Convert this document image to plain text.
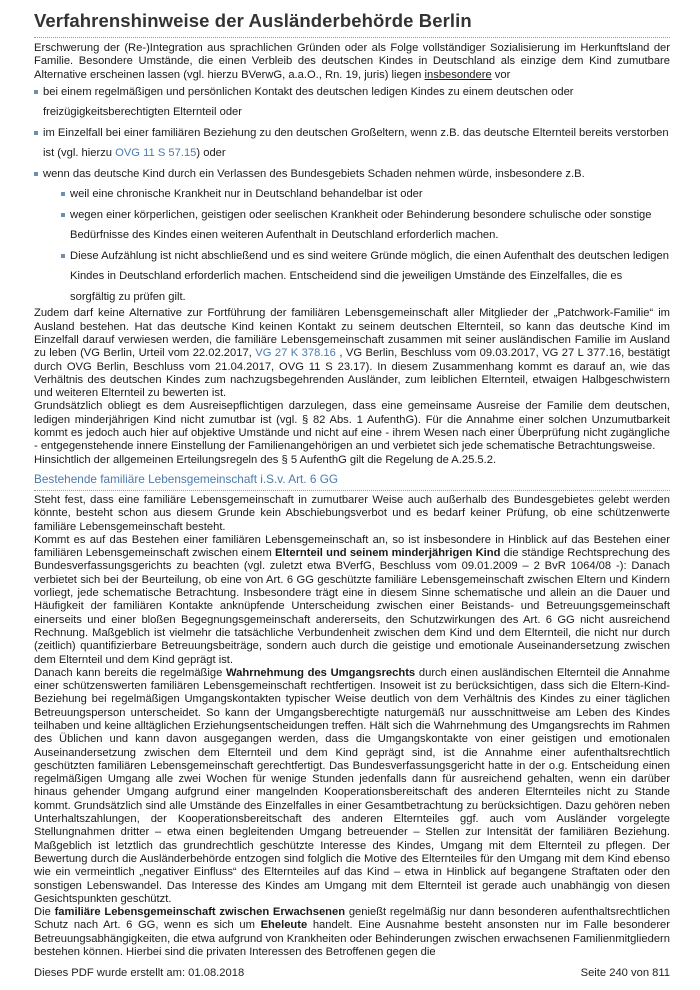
Verfahrenshinweise der Ausländerbehörde Berlin

Erschwerung der (Re-)Integration aus sprachlichen Gründen oder als Folge vollständiger Sozialisierung im Herkunftsland der Familie. Besondere Umstände, die einen Verbleib des deutschen Kindes in Deutschland als einzige dem Kind zumutbare Alternative erscheinen lassen (vgl. hierzu BVerwG, a.a.O., Rn. 19, juris) liegen insbesondere vor

bei einem regelmäßigen und persönlichen Kontakt des deutschen ledigen Kindes zu einem deutschen oder freizügigkeitsberechtigten Elternteil oder
im Einzelfall bei einer familiären Beziehung zu den deutschen Großeltern, wenn z.B. das deutsche Elternteil bereits verstorben ist (vgl. hierzu OVG 11 S 57.15) oder
wenn das deutsche Kind durch ein Verlassen des Bundesgebiets Schaden nehmen würde, insbesondere z.B.
weil eine chronische Krankheit nur in Deutschland behandelbar ist oder
wegen einer körperlichen, geistigen oder seelischen Krankheit oder Behinderung besondere schulische oder sonstige Bedürfnisse des Kindes einen weiteren Aufenthalt in Deutschland erforderlich machen.
Diese Aufzählung ist nicht abschließend und es sind weitere Gründe möglich, die einen Aufenthalt des deutschen ledigen Kindes in Deutschland erforderlich machen. Entscheidend sind die jeweiligen Umstände des Einzelfalles, die es sorgfältig zu prüfen gilt.

Zudem darf keine Alternative zur Fortführung der familiären Lebensgemeinschaft aller Mitglieder der „Patchwork-Familie“ im Ausland bestehen. Hat das deutsche Kind keinen Kontakt zu seinem deutschen Elternteil, so kann das deutsche Kind im Einzelfall darauf verwiesen werden, die familiäre Lebensgemeinschaft zusammen mit seiner ausländischen Familie im Ausland zu leben (VG Berlin, Urteil vom 22.02.2017, VG 27 K 378.16 , VG Berlin, Beschluss vom 09.03.2017, VG 27 L 377.16, bestätigt durch OVG Berlin, Beschluss vom 21.04.2017, OVG 11 S 23.17). In diesem Zusammenhang kommt es darauf an, wie das Verhältnis des deutschen Kindes zum nachzugsbegehrenden Ausländer, zum leiblichen Elternteil, etwaigen Halbgeschwistern und weiteren Elternteil zu bewerten ist.

Grundsätzlich obliegt es dem Ausreisepflichtigen darzulegen, dass eine gemeinsame Ausreise der Familie dem deutschen, ledigen minderjährigen Kind nicht zumutbar ist (vgl. § 82 Abs. 1 AufenthG). Für die Annahme einer solchen Unzumutbarkeit kommt es jedoch auch hier auf objektive Umstände und nicht auf eine - ihrem Wesen nach einer Überprüfung nicht zugängliche - entgegenstehende innere Einstellung der Familienangehörigen an und verbietet sich jede schematische Betrachtungsweise.

Hinsichtlich der allgemeinen Erteilungsregeln des § 5 AufenthG gilt die Regelung de A.25.5.2.

Bestehende familiäre Lebensgemeinschaft i.S.v. Art. 6 GG

Steht fest, dass eine familiäre Lebensgemeinschaft in zumutbarer Weise auch außerhalb des Bundesgebietes gelebt werden könnte, besteht schon aus diesem Grunde kein Abschiebungsverbot und es bedarf keiner Prüfung, ob eine schützenwerte familiäre Lebensgemeinschaft besteht.

Kommt es auf das Bestehen einer familiären Lebensgemeinschaft an, so ist insbesondere in Hinblick auf das Bestehen einer familiären Lebensgemeinschaft zwischen einem Elternteil und seinem minderjährigen Kind die ständige Rechtsprechung des Bundesverfassungsgerichts zu beachten (vgl. zuletzt etwa BVerfG, Beschluss vom 09.01.2009 – 2 BvR 1064/08 -): Danach verbietet sich bei der Beurteilung, ob eine von Art. 6 GG geschützte familiäre Lebensgemeinschaft zwischen Eltern und Kindern vorliegt, jede schematische Betrachtung. Insbesondere trägt eine in diesem Sinne schematische und allein an die Dauer und Häufigkeit der familiären Kontakte anknüpfende Unterscheidung zwischen einer Beistands- und Betreuungsgemeinschaft einerseits und einer bloßen Begegnungsgemeinschaft andererseits, den Schutzwirkungen des Art. 6 GG nicht ausreichend Rechnung. Maßgeblich ist vielmehr die tatsächliche Verbundenheit zwischen dem Kind und dem Elternteil, die nicht nur durch (zeitlich) quantifizierbare Betreuungsbeiträge, sondern auch durch die geistige und emotionale Auseinandersetzung zwischen dem Elternteil und dem Kind geprägt ist.

Danach kann bereits die regelmäßige Wahrnehmung des Umgangsrechts durch einen ausländischen Elternteil die Annahme einer schützenswerten familiären Lebensgemeinschaft rechtfertigen. Insoweit ist zu berücksichtigen, dass sich die Eltern-Kind-Beziehung bei regelmäßigen Umgangskontakten typischer Weise deutlich von dem Verhältnis des Kindes zu einer täglichen Betreuungsperson unterscheidet. So kann der Umgangsberechtigte naturgemäß nur ausschnittweise am Leben des Kindes teilhaben und keine alltäglichen Erziehungsentscheidungen treffen. Hält sich die Wahrnehmung des Umgangsrechts im Rahmen des Üblichen und kann davon ausgegangen werden, dass die Umgangskontakte von einer geistigen und emotionalen Auseinandersetzung zwischen dem Elternteil und dem Kind geprägt sind, ist die Annahme einer aufenthaltsrechtlich geschützten familiären Lebensgemeinschaft gerechtfertigt. Das Bundesverfassungsgericht hatte in der o.g. Entscheidung einen regelmäßigen Umgang alle zwei Wochen für wenige Stunden jedenfalls dann für ausreichend gehalten, wenn ein darüber hinaus gehender Umgang aufgrund einer mangelnden Kooperationsbereitschaft des anderen Elternteiles nicht zu Stande kommt. Grundsätzlich sind alle Umstände des Einzelfalles in einer Gesamtbetrachtung zu berücksichtigen. Dazu gehören neben Unterhaltszahlungen, der Kooperationsbereitschaft des anderen Elternteiles ggf. auch vom Ausländer vorgelegte Stellungnahmen dritter – etwa einen begleitenden Umgang betreuender – Stellen zur Intensität der familiären Beziehung. Maßgeblich ist letztlich das grundrechtlich geschützte Interesse des Kindes, Umgang mit dem Elternteil zu pflegen. Der Bewertung durch die Ausländerbehörde entzogen sind folglich die Motive des Elternteiles für den Umgang mit dem Kind ebenso wie ein vermeintlich „negativer Einfluss“ des Elternteiles auf das Kind – etwa in Hinblick auf begangene Straftaten oder den sonstigen Lebenswandel. Das Interesse des Kindes am Umgang mit dem Elternteil ist gerade auch unabhängig von diesen Gesichtspunkten geschützt.

Die familiäre Lebensgemeinschaft zwischen Erwachsenen genießt regelmäßig nur dann besonderen aufenthaltsrechtlichen Schutz nach Art. 6 GG, wenn es sich um Eheleute handelt. Eine Ausnahme besteht ansonsten nur im Falle besonderer Betreuungsabhängigkeiten, die etwa aufgrund von Krankheiten oder Behinderungen zwischen erwachsenen Familienmitgliedern bestehen können. Hierbei sind die privaten Interessen des Betroffenen gegen die

Dieses PDF wurde erstellt am: 01.08.2018	Seite 240 von 811
